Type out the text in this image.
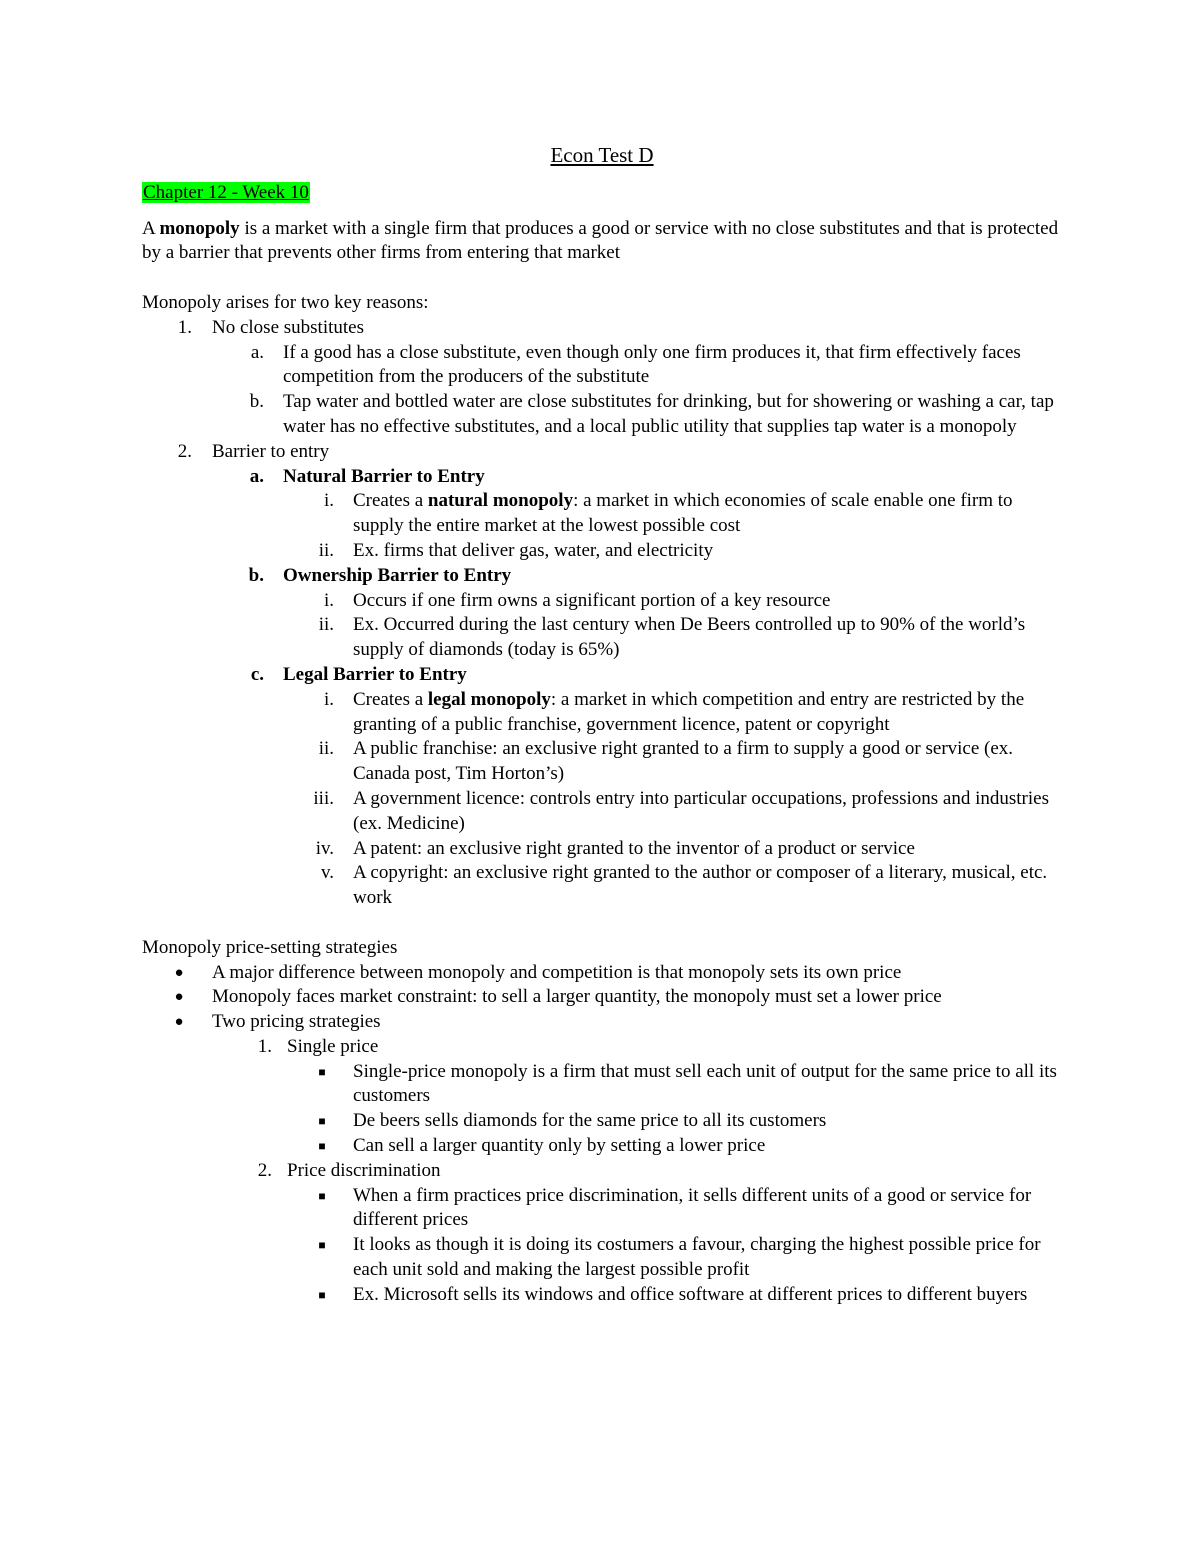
Econ Test D

Chapter 12 - Week 10

A monopoly is a market with a single firm that produces a good or service with no close substitutes and that is protected by a barrier that prevents other firms from entering that market

Monopoly arises for two key reasons:

1. No close substitutes
a. If a good has a close substitute, even though only one firm produces it, that firm effectively faces competition from the producers of the substitute
b. Tap water and bottled water are close substitutes for drinking, but for showering or washing a car, tap water has no effective substitutes, and a local public utility that supplies tap water is a monopoly
2. Barrier to entry
a. Natural Barrier to Entry
i. Creates a natural monopoly: a market in which economies of scale enable one firm to supply the entire market at the lowest possible cost
ii. Ex. firms that deliver gas, water, and electricity
b. Ownership Barrier to Entry
i. Occurs if one firm owns a significant portion of a key resource
ii. Ex. Occurred during the last century when De Beers controlled up to 90% of the world’s supply of diamonds (today is 65%)
c. Legal Barrier to Entry
i. Creates a legal monopoly: a market in which competition and entry are restricted by the granting of a public franchise, government licence, patent or copyright
ii. A public franchise: an exclusive right granted to a firm to supply a good or service (ex. Canada post, Tim Horton’s)
iii. A government licence: controls entry into particular occupations, professions and industries (ex. Medicine)
iv. A patent: an exclusive right granted to the inventor of a product or service
v. A copyright: an exclusive right granted to the author or composer of a literary, musical, etc. work

Monopoly price-setting strategies

● A major difference between monopoly and competition is that monopoly sets its own price
● Monopoly faces market constraint: to sell a larger quantity, the monopoly must set a lower price
● Two pricing strategies
1. Single price
■ Single-price monopoly is a firm that must sell each unit of output for the same price to all its customers
■ De beers sells diamonds for the same price to all its customers
■ Can sell a larger quantity only by setting a lower price
2. Price discrimination
■ When a firm practices price discrimination, it sells different units of a good or service for different prices
■ It looks as though it is doing its costumers a favour, charging the highest possible price for each unit sold and making the largest possible profit
■ Ex. Microsoft sells its windows and office software at different prices to different buyers
